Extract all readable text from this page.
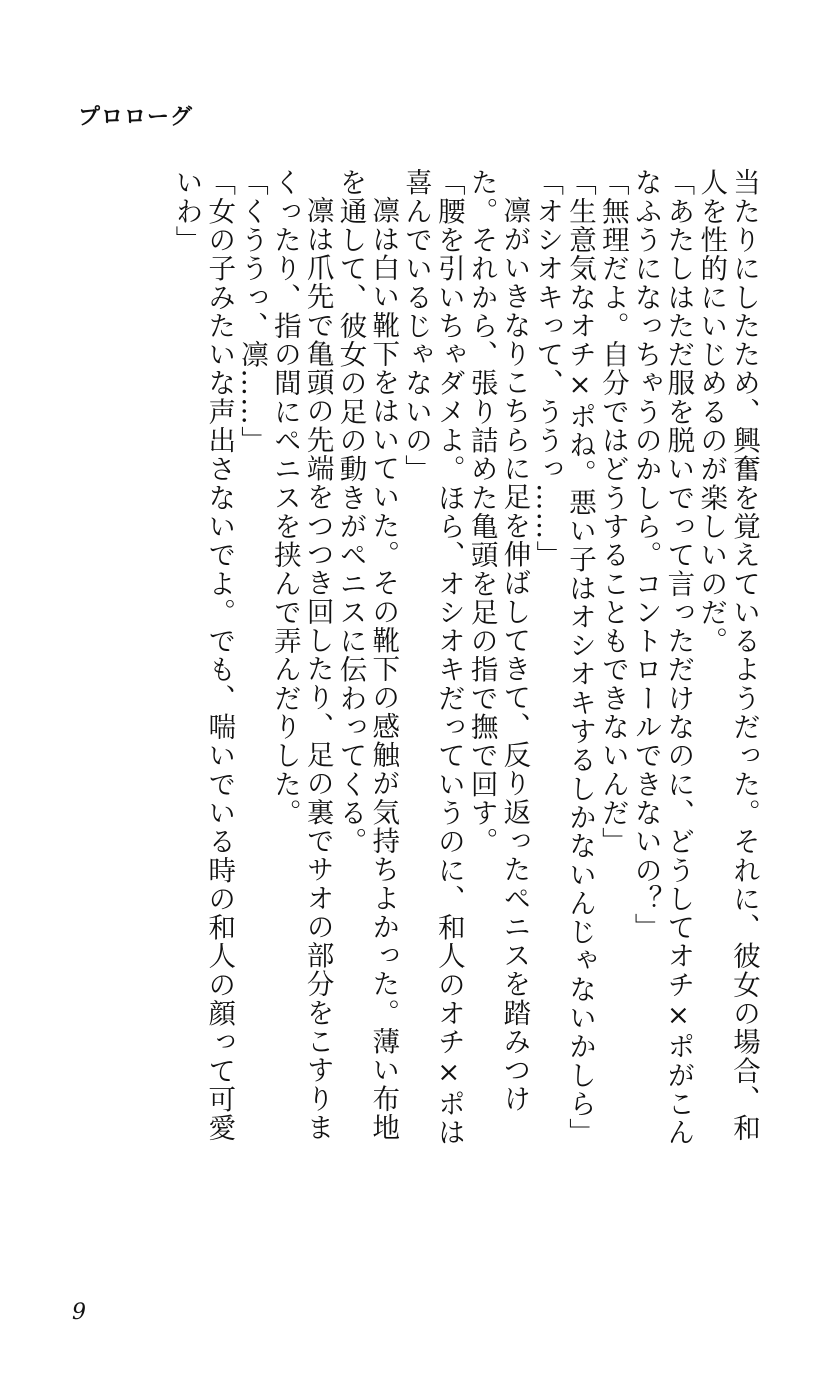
プロローグ

当たりにしたため、興奮を覚えているようだった。それに、彼女の場合、和人を性的にいじめるのが楽しいのだ。

「あたしはただ服を脱いでって言っただけなのに、どうしてオチ×ポがこんなふうになっちゃうのかしら。コントロールできないの？」

「無理だよ。自分ではどうすることもできないんだ」

「生意気なオチ×ポね。悪い子はオシオキするしかないんじゃないかしら」

「オシオキって、ううっ……」

凛がいきなりこちらに足を伸ばしてきて、反り返ったペニスを踏みつけた。それから、張り詰めた亀頭を足の指で撫で回す。

「腰を引いちゃダメよ。ほら、オシオキだっていうのに、和人のオチ×ポは喜んでいるじゃないの」

凛は白い靴下をはいていた。その靴下の感触が気持ちよかった。薄い布地を通して、彼女の足の動きがペニスに伝わってくる。

凛は爪先で亀頭の先端をつつき回したり、足の裏でサオの部分をこすりまくったり、指の間にペニスを挟んで弄んだりした。

「くううっ、凛……」

「女の子みたいな声出さないでよ。でも、喘いでいる時の和人の顔って可愛いわ」

9
